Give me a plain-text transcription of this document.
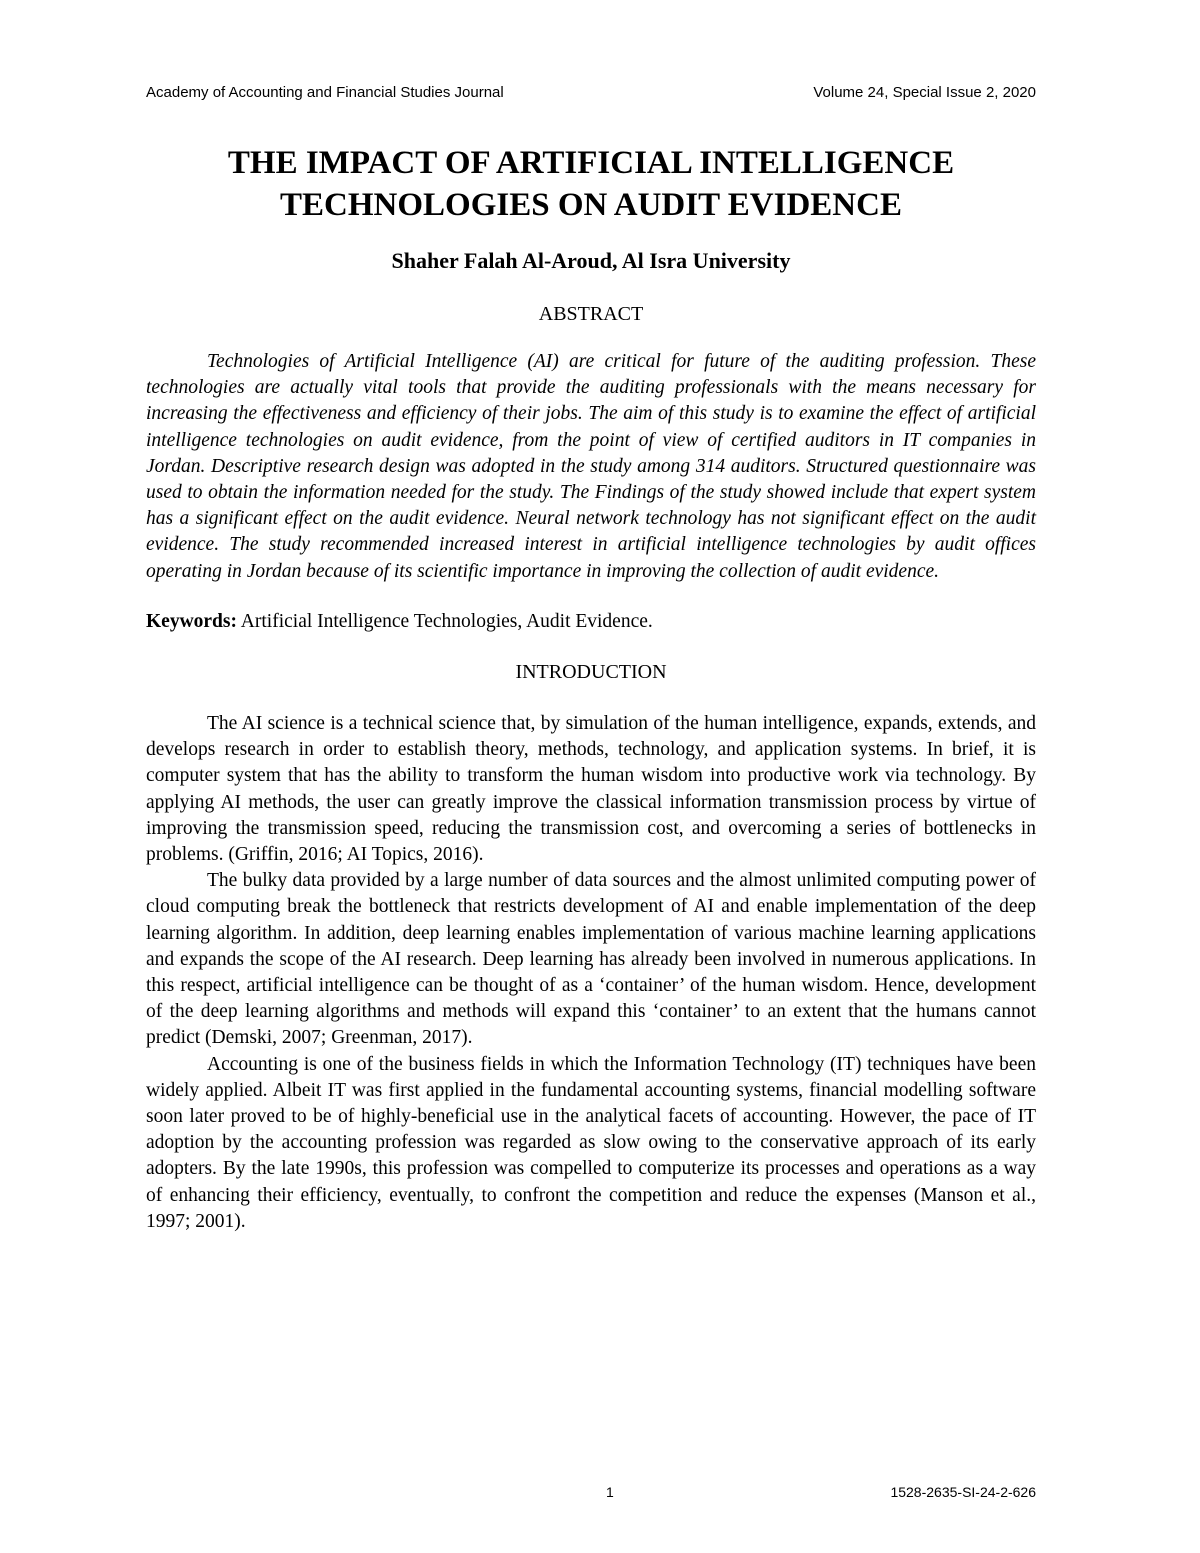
Academy of Accounting and Financial Studies Journal	Volume 24, Special Issue 2, 2020
THE IMPACT OF ARTIFICIAL INTELLIGENCE
TECHNOLOGIES ON AUDIT EVIDENCE

Shaher Falah Al-Aroud, Al Isra University

ABSTRACT

Technologies of Artificial Intelligence (AI) are critical for future of the auditing profession. These technologies are actually vital tools that provide the auditing professionals with the means necessary for increasing the effectiveness and efficiency of their jobs. The aim of this study is to examine the effect of artificial intelligence technologies on audit evidence, from the point of view of certified auditors in IT companies in Jordan. Descriptive research design was adopted in the study among 314 auditors. Structured questionnaire was used to obtain the information needed for the study. The Findings of the study showed include that expert system has a significant effect on the audit evidence. Neural network technology has not significant effect on the audit evidence. The study recommended increased interest in artificial intelligence technologies by audit offices operating in Jordan because of its scientific importance in improving the collection of audit evidence.

Keywords: Artificial Intelligence Technologies, Audit Evidence.

INTRODUCTION

The AI science is a technical science that, by simulation of the human intelligence, expands, extends, and develops research in order to establish theory, methods, technology, and application systems. In brief, it is computer system that has the ability to transform the human wisdom into productive work via technology. By applying AI methods, the user can greatly improve the classical information transmission process by virtue of improving the transmission speed, reducing the transmission cost, and overcoming a series of bottlenecks in problems. (Griffin, 2016; AI Topics, 2016).

The bulky data provided by a large number of data sources and the almost unlimited computing power of cloud computing break the bottleneck that restricts development of AI and enable implementation of the deep learning algorithm. In addition, deep learning enables implementation of various machine learning applications and expands the scope of the AI research. Deep learning has already been involved in numerous applications. In this respect, artificial intelligence can be thought of as a ‘container’ of the human wisdom. Hence, development of the deep learning algorithms and methods will expand this ‘container’ to an extent that the humans cannot predict (Demski, 2007; Greenman, 2017).

Accounting is one of the business fields in which the Information Technology (IT) techniques have been widely applied. Albeit IT was first applied in the fundamental accounting systems, financial modelling software soon later proved to be of highly-beneficial use in the analytical facets of accounting. However, the pace of IT adoption by the accounting profession was regarded as slow owing to the conservative approach of its early adopters. By the late 1990s, this profession was compelled to computerize its processes and operations as a way of enhancing their efficiency, eventually, to confront the competition and reduce the expenses (Manson et al., 1997; 2001).

1	1528-2635-SI-24-2-626
